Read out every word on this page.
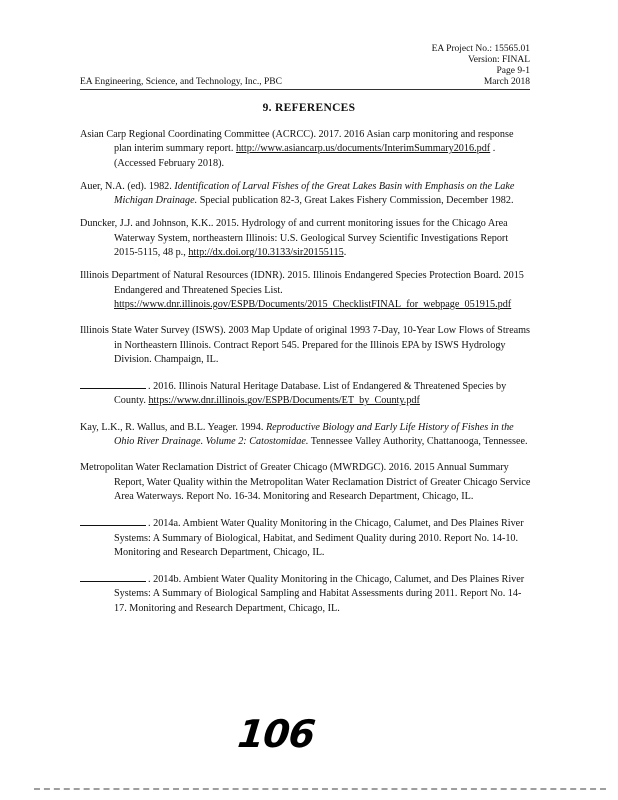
EA Project No.: 15565.01
Version: FINAL
Page 9-1
March 2018
EA Engineering, Science, and Technology, Inc., PBC
9. REFERENCES

Asian Carp Regional Coordinating Committee (ACRCC). 2017. 2016 Asian carp monitoring and response plan interim summary report. http://www.asiancarp.us/documents/InterimSummary2016.pdf . (Accessed February 2018).

Auer, N.A. (ed). 1982. Identification of Larval Fishes of the Great Lakes Basin with Emphasis on the Lake Michigan Drainage. Special publication 82-3, Great Lakes Fishery Commission, December 1982.

Duncker, J.J. and Johnson, K.K.. 2015. Hydrology of and current monitoring issues for the Chicago Area Waterway System, northeastern Illinois: U.S. Geological Survey Scientific Investigations Report 2015-5115, 48 p., http://dx.doi.org/10.3133/sir20155115.

Illinois Department of Natural Resources (IDNR). 2015. Illinois Endangered Species Protection Board. 2015 Endangered and Threatened Species List. https://www.dnr.illinois.gov/ESPB/Documents/2015_ChecklistFINAL_for_webpage_051915.pdf

Illinois State Water Survey (ISWS). 2003 Map Update of original 1993 7-Day, 10-Year Low Flows of Streams in Northeastern Illinois. Contract Report 545. Prepared for the Illinois EPA by ISWS Hydrology Division. Champaign, IL.

. 2016. Illinois Natural Heritage Database. List of Endangered & Threatened Species by County. https://www.dnr.illinois.gov/ESPB/Documents/ET_by_County.pdf

Kay, L.K., R. Wallus, and B.L. Yeager. 1994. Reproductive Biology and Early Life History of Fishes in the Ohio River Drainage. Volume 2: Catostomidae. Tennessee Valley Authority, Chattanooga, Tennessee.

Metropolitan Water Reclamation District of Greater Chicago (MWRDGC). 2016. 2015 Annual Summary Report, Water Quality within the Metropolitan Water Reclamation District of Greater Chicago Service Area Waterways. Report No. 16-34. Monitoring and Research Department, Chicago, IL.

. 2014a. Ambient Water Quality Monitoring in the Chicago, Calumet, and Des Plaines River Systems: A Summary of Biological, Habitat, and Sediment Quality during 2010. Report No. 14-10. Monitoring and Research Department, Chicago, IL.

. 2014b. Ambient Water Quality Monitoring in the Chicago, Calumet, and Des Plaines River Systems: A Summary of Biological Sampling and Habitat Assessments during 2011. Report No. 14-17. Monitoring and Research Department, Chicago, IL.

106
